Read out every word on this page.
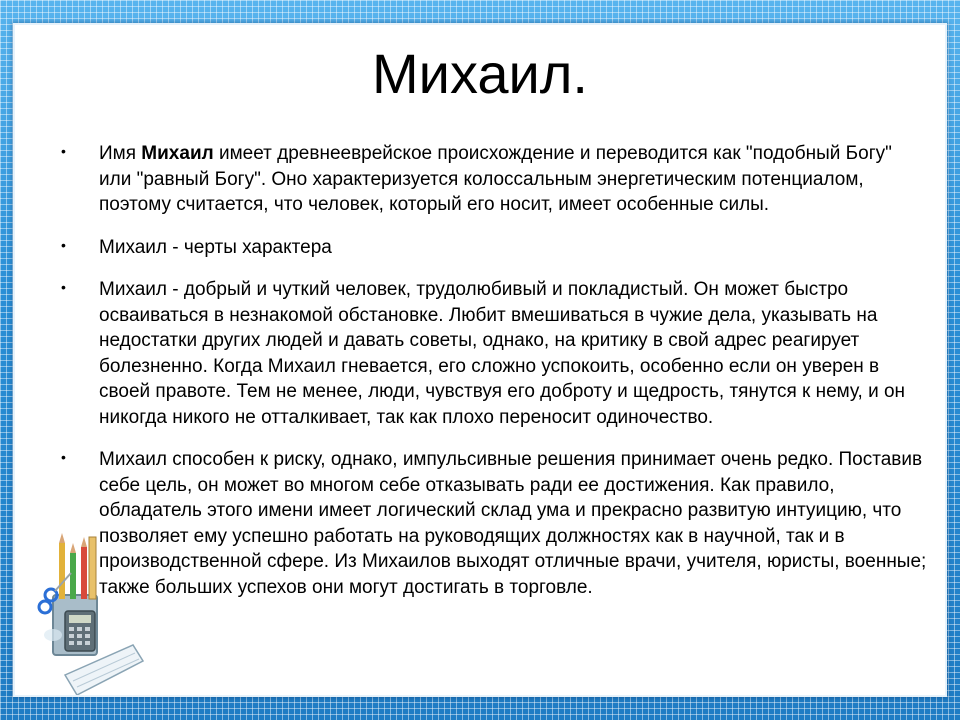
Михаил.
• Имя Михаил имеет древнееврейское происхождение и переводится как "подобный Богу" или "равный Богу". Оно характеризуется колоссальным энергетическим потенциалом, поэтому считается, что человек, который его носит, имеет особенные силы.
• Михаил - черты характера
• Михаил - добрый и чуткий человек, трудолюбивый и покладистый. Он может быстро осваиваться в незнакомой обстановке. Любит вмешиваться в чужие дела, указывать на недостатки других людей и давать советы, однако, на критику в свой адрес реагирует болезненно. Когда Михаил гневается, его сложно успокоить, особенно если он уверен в своей правоте. Тем не менее, люди, чувствуя его доброту и щедрость, тянутся к нему, и он никогда никого не отталкивает, так как плохо переносит одиночество.
• Михаил способен к риску, однако, импульсивные решения принимает очень редко. Поставив себе цель, он может во многом себе отказывать ради ее достижения. Как правило, обладатель этого имени имеет логический склад ума и прекрасно развитую интуицию, что позволяет ему успешно работать на руководящих должностях как в научной, так и в производственной сфере. Из Михаилов выходят отличные врачи, учителя, юристы, военные; также больших успехов они могут достигать в торговле.
